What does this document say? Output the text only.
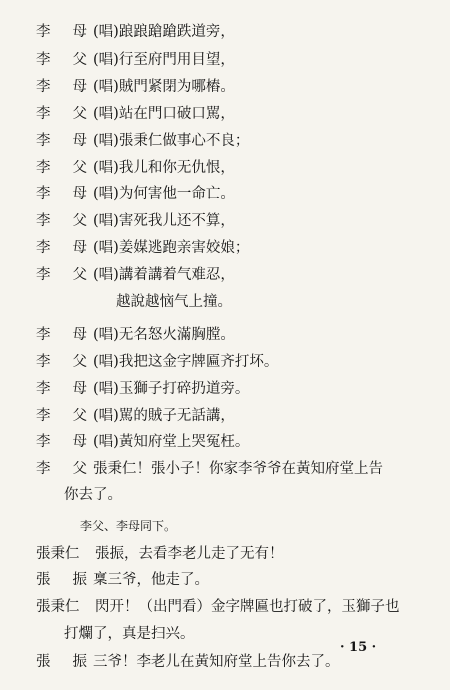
李 母 (唱)踉踉蹌蹌跌道旁，
李 父 (唱)行至府門用目望，
李 母 (唱)賊門紧閉为哪樁。
李 父 (唱)站在門口破口駡，
李 母 (唱)張秉仁做事心不良；
李 父 (唱)我儿和你无仇恨，
李 母 (唱)为何害他一命亡。
李 父 (唱)害死我儿还不算，
李 母 (唱)姜媒逃跑亲害姣娘；
李 父 (唱)講着講着气难忍，
越說越恼气上撞。
李 母 (唱)无名怒火滿胸膛。
李 父 (唱)我把这金字牌匾齐打坏。
李 母 (唱)玉獅子打碎扔道旁。
李 父 (唱)駡的賊子无話講，
李 母 (唱)黃知府堂上哭冤枉。
李 父 張秉仁！張小子！你家李爷爷在黃知府堂上告
你去了。
李父、李母同下。
張秉仁 張振，去看李老儿走了无有！
張 振 稟三爷，他走了。
張秉仁 閃开！（出門看）金字牌匾也打破了，玉獅子也
打爛了，真是扫兴。
張 振 三爷！李老儿在黃知府堂上告你去了。
· 15 ·
